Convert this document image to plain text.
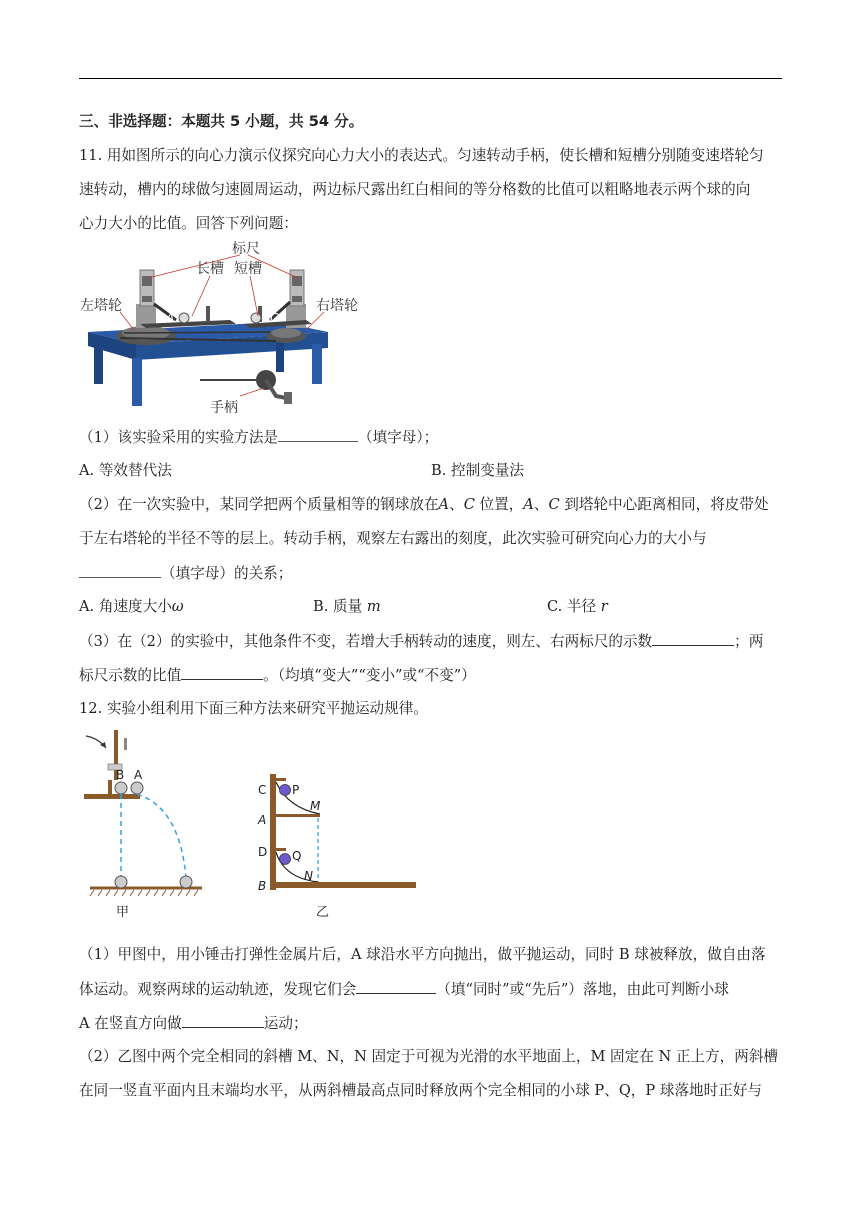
三、非选择题：本题共 5 小题，共 54 分。
11. 用如图所示的向心力演示仪探究向心力大小的表达式。匀速转动手柄，使长槽和短槽分别随变速塔轮匀
速转动，槽内的球做匀速圆周运动，两边标尺露出红白相间的等分格数的比值可以粗略地表示两个球的向
心力大小的比值。回答下列问题：
标尺
长槽 短槽
左塔轮	右塔轮
手柄
A	C
（1）该实验采用的实验方法是	（填字母）；
A. 等效替代法	B. 控制变量法
（2）在一次实验中，某同学把两个质量相等的钢球放在A、C 位置，A、C 到塔轮中心距离相同，将皮带处
于左右塔轮的半径不等的层上。转动手柄，观察左右露出的刻度，此次实验可研究向心力的大小与
（填字母）的关系；
A. 角速度大小ω	B. 质量 m	C. 半径 r
（3）在（2）的实验中，其他条件不变，若增大手柄转动的速度，则左、右两标尺的示数	；两
标尺示数的比值	。（均填“变大”“变小”或“不变”）
12. 实验小组利用下面三种方法来研究平抛运动规律。
B A
甲
C P
M
A
D Q
N
B
乙
（1）甲图中，用小锤击打弹性金属片后，A 球沿水平方向抛出，做平抛运动，同时 B 球被释放，做自由落
体运动。观察两球的运动轨迹，发现它们会	（填“同时”或“先后”）落地，由此可判断小球
A 在竖直方向做	运动；
（2）乙图中两个完全相同的斜槽 M、N，N 固定于可视为光滑的水平地面上，M 固定在 N 正上方，两斜槽
在同一竖直平面内且末端均水平，从两斜槽最高点同时释放两个完全相同的小球 P、Q，P 球落地时正好与
